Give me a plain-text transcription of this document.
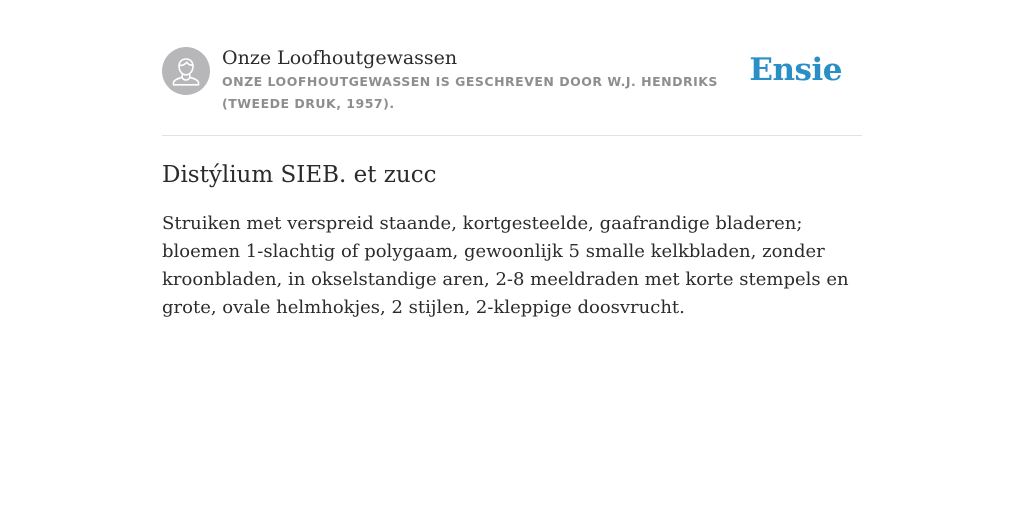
Onze Loofhoutgewassen
ONZE LOOFHOUTGEWASSEN IS GESCHREVEN DOOR W.J. HENDRIKS (TWEEDE DRUK, 1957).
Ensie
Distýlium SIEB. et zucc

Struiken met verspreid staande, kortgesteelde, gaafrandige bladeren; bloemen 1-slachtig of polygaam, gewoonlijk 5 smalle kelkbladen, zonder kroonbladen, in okselstandige aren, 2-8 meeldraden met korte stempels en grote, ovale helmhokjes, 2 stijlen, 2-kleppige doosvrucht.
